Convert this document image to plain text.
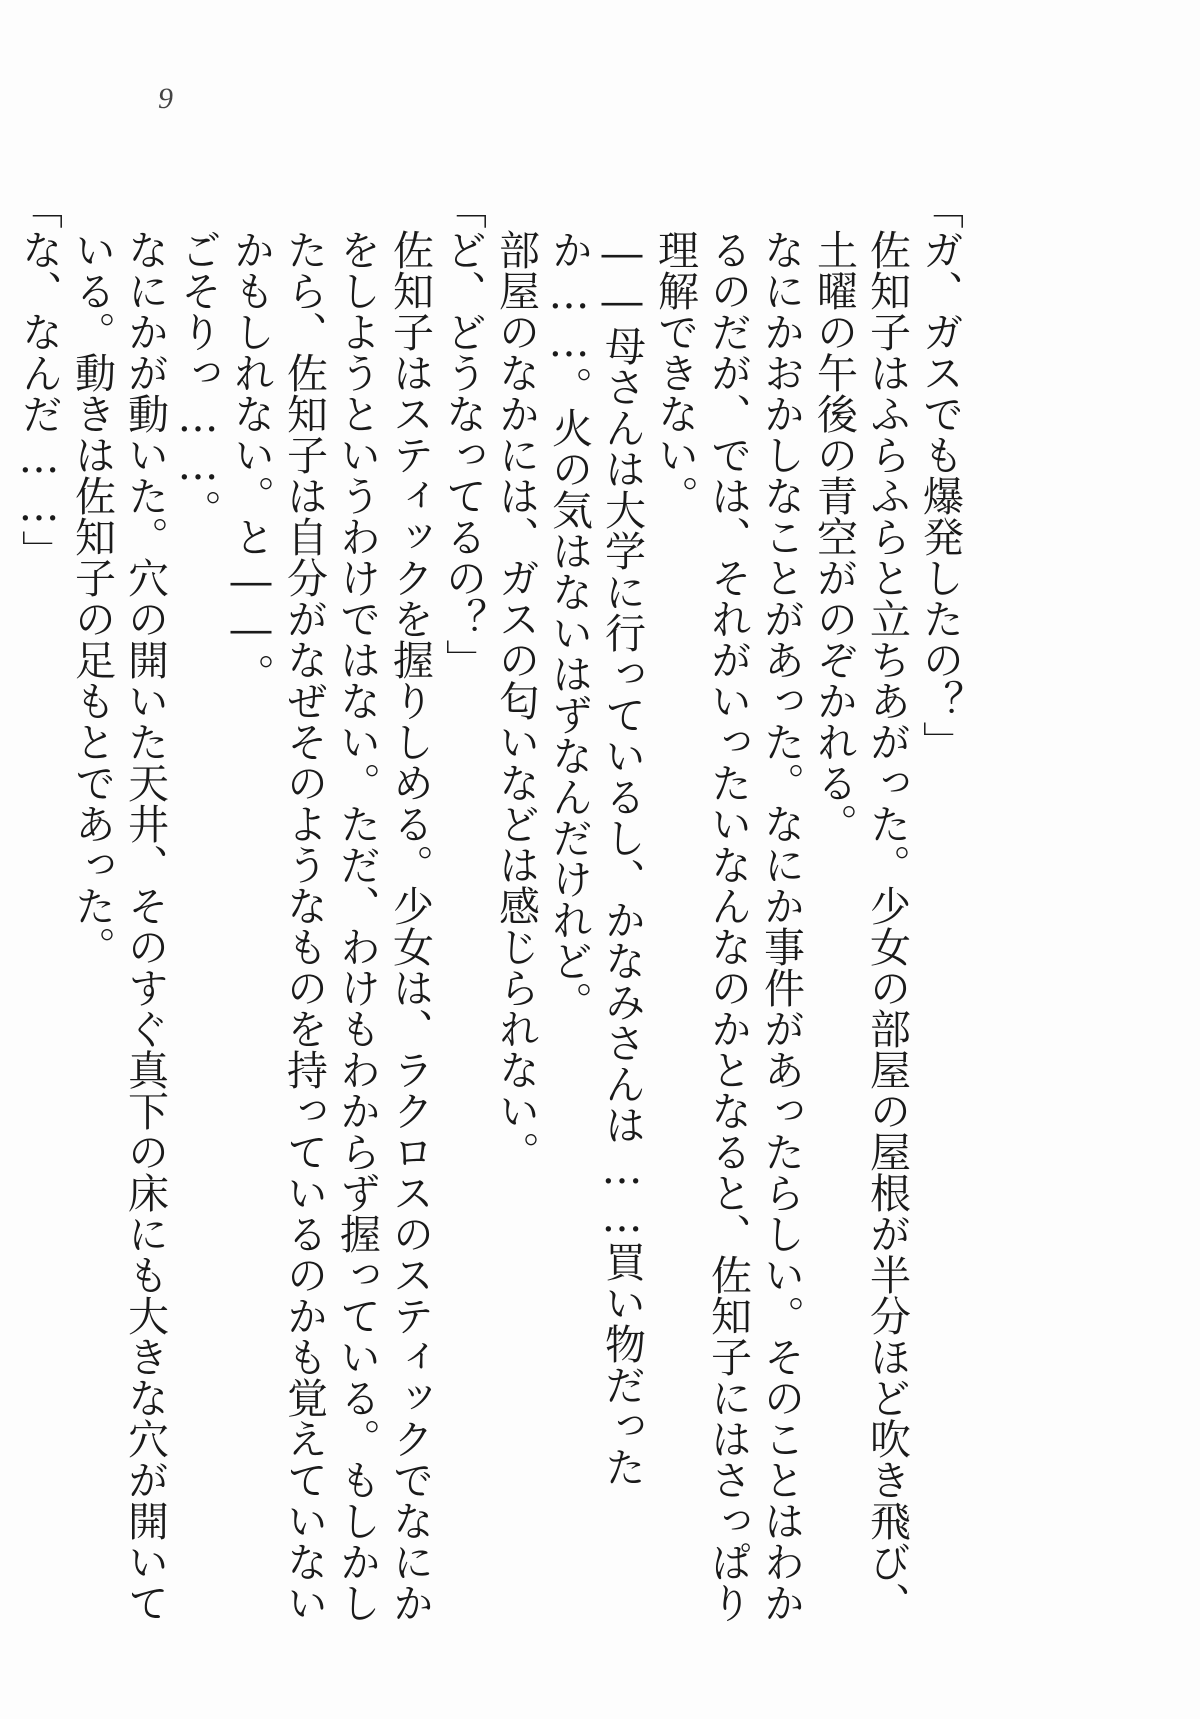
9

「ガ、ガスでも爆発したの？」

佐知子はふらふらと立ちあがった。少女の部屋の屋根が半分ほど吹き飛び、土曜の午後の青空がのぞかれる。

なにかおかしなことがあった。なにか事件があったらしい。そのことはわかるのだが、では、それがいったいなんなのかとなると、佐知子にはさっぱり理解できない。

――母さんは大学に行っているし、かなみさんは……買い物だったか……。火の気はないはずなんだけれど。

部屋のなかには、ガスの匂いなどは感じられない。

「ど、どうなってるの？」

佐知子はスティックを握りしめる。少女は、ラクロスのスティックでなにかをしようというわけではない。ただ、わけもわからず握っている。もしかしたら、佐知子は自分がなぜそのようなものを持っているのかも覚えていないかもしれない。と――。

ごそりっ……。

なにかが動いた。穴の開いた天井、そのすぐ真下の床にも大きな穴が開いている。動きは佐知子の足もとであった。

「な、なんだ……」
